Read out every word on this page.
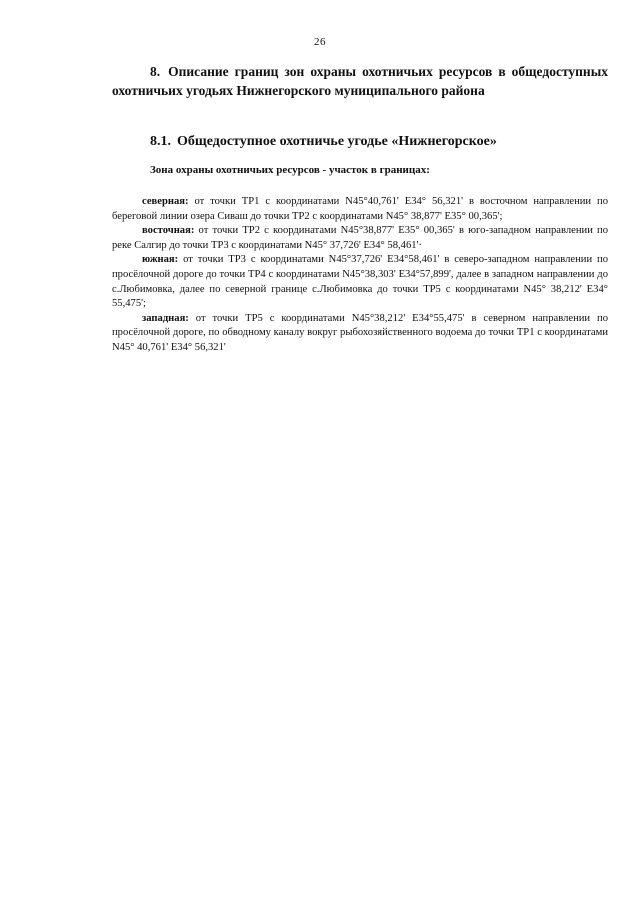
26
8. Описание границ зон охраны охотничьих ресурсов в общедоступных охотничьих угодьях Нижнегорского муниципального района
8.1. Общедоступное охотничье угодье «Нижнегорское»
Зона охраны охотничьих ресурсов - участок в границах:

северная: от точки ТР1 с координатами N45°40,761' Е34° 56,321' в восточном направлении по береговой линии озера Сиваш до точки ТР2 с координатами N45° 38,877' Е35° 00,365';

восточная: от точки ТР2 с координатами N45°38,877' Е35° 00,365' в юго-западном направлении по реке Салгир до точки ТР3 с координатами N45° 37,726' Е34° 58,461'·

южная: от точки ТР3 с координатами N45°37,726' Е34°58,461' в северо-западном направлении по просёлочной дороге до точки ТР4 с координатами N45°38,303' Е34°57,899', далее в западном направлении до с.Любимовка, далее по северной границе с.Любимовка до точки ТР5 с координатами N45° 38,212' Е34° 55,475';

западная: от точки ТР5 с координатами N45°38,212' Е34°55,475' в северном направлении по просёлочной дороге, по обводному каналу вокруг рыбохозяйственного водоема до точки ТР1 с координатами N45° 40,761' Е34° 56,321'
